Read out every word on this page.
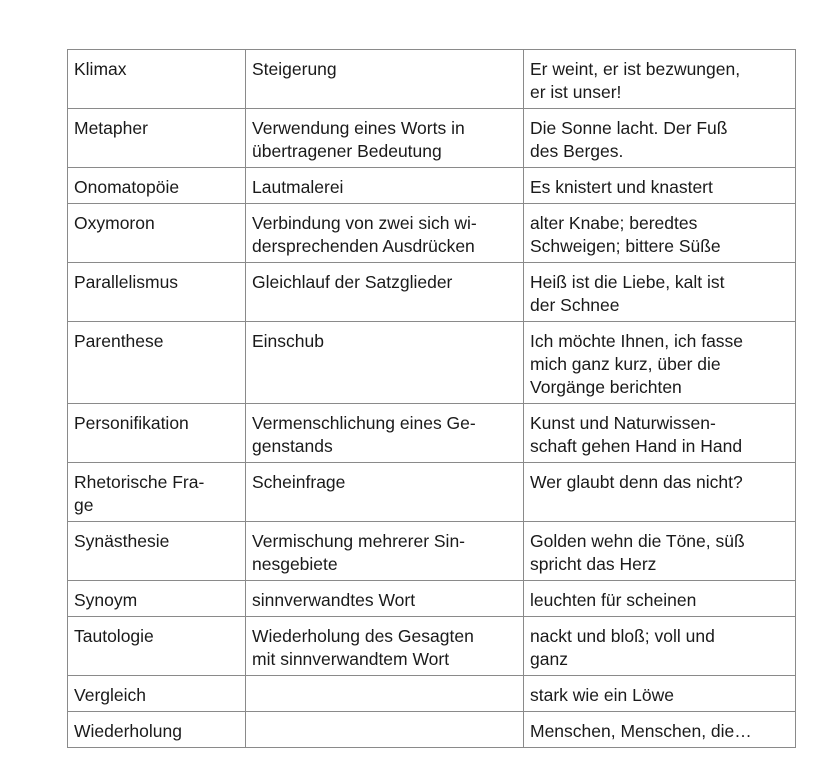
Klimax	Steigerung	Er weint, er ist bezwungen,
er ist unser!

Metapher	Verwendung eines Worts in
übertragener Bedeutung	Die Sonne lacht. Der Fuß
des Berges.

Onomatopöie	Lautmalerei	Es knistert und knastert

Oxymoron	Verbindung von zwei sich wi-
dersprechenden Ausdrücken	alter Knabe; beredtes
Schweigen; bittere Süße

Parallelismus	Gleichlauf der Satzglieder	Heiß ist die Liebe, kalt ist
der Schnee

Parenthese	Einschub	Ich möchte Ihnen, ich fasse
mich ganz kurz, über die
Vorgänge berichten

Personifikation	Vermenschlichung eines Ge-
genstands	Kunst und Naturwissen-
schaft gehen Hand in Hand

Rhetorische Fra-
ge	Scheinfrage	Wer glaubt denn das nicht?

Synästhesie	Vermischung mehrerer Sin-
nesgebiete	Golden wehn die Töne, süß
spricht das Herz

Synoym	sinnverwandtes Wort	leuchten für scheinen

Tautologie	Wiederholung des Gesagten
mit sinnverwandtem Wort	nackt und bloß; voll und
ganz

Vergleich		stark wie ein Löwe

Wiederholung		Menschen, Menschen, die…
